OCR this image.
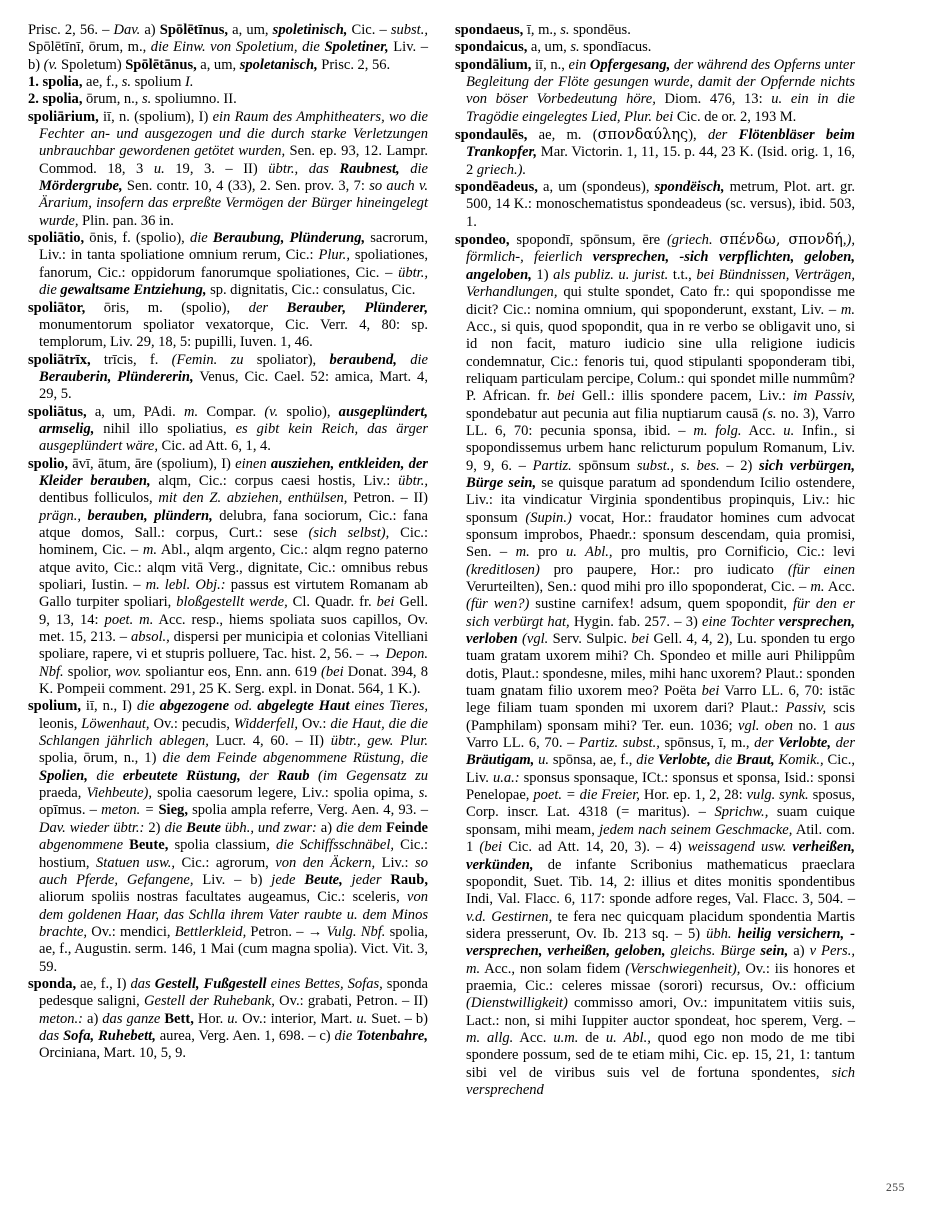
Prisc. 2, 56. – Dav. a) Spōlētīnus, a, um, spoletinisch, Cic. – subst., Spōlētīnī, ōrum, m., die Einw. von Spoletium, die Spoletiner, Liv. – b) (v. Spoletum) Spōlētānus, a, um, spoletanisch, Prisc. 2, 56.

1. spolia, ae, f., s. spolium I.

2. spolia, ōrum, n., s. spoliumno. II.

spoliārium, iī, n. (spolium), I) ein Raum des Amphitheaters, wo die Fechter an- und ausgezogen und die durch starke Verletzungen unbrauchbar gewordenen getötet wurden, Sen. ep. 93, 12. Lampr. Commod. 18, 3 u. 19, 3. – II) übtr., das Raubnest, die Mördergrube, Sen. contr. 10, 4 (33), 2. Sen. prov. 3, 7: so auch v. Ärarium, insofern das erpreßte Vermögen der Bürger hineingelegt wurde, Plin. pan. 36 in.

spoliātio, ōnis, f. (spolio), die Beraubung, Plünderung, sacrorum, Liv.: in tanta spoliatione omnium rerum, Cic.: Plur., spoliationes, fanorum, Cic.: oppidorum fanorumque spoliationes, Cic. – übtr., die gewaltsame Entziehung, sp. dignitatis, Cic.: consulatus, Cic.

spoliātor, ōris, m. (spolio), der Berauber, Plünderer, monumentorum spoliator vexatorque, Cic. Verr. 4, 80: sp. templorum, Liv. 29, 18, 5: pupilli, Iuven. 1, 46.

spoliātrīx, trīcis, f. (Femin. zu spoliator), beraubend, die Berauberin, Plündererin, Venus, Cic. Cael. 52: amica, Mart. 4, 29, 5.

spoliātus, a, um, PAdi. m. Compar. (v. spolio), ausgeplündert, armselig, nihil illo spoliatius, es gibt kein Reich, das ärger ausgeplündert wäre, Cic. ad Att. 6, 1, 4.

spolio, āvī, ātum, āre (spolium), I) einen ausziehen, entkleiden, der Kleider berauben, alqm, Cic.: corpus caesi hostis, Liv.: übtr., dentibus folliculos, mit den Z. abziehen, enthülsen, Petron. – II) prägn., berauben, plündern, delubra, fana sociorum, Cic.: fana atque domos, Sall.: corpus, Curt.: sese (sich selbst), Cic.: hominem, Cic. – m. Abl., alqm argento, Cic.: alqm regno paterno atque avito, Cic.: alqm vitā Verg., dignitate, Cic.: omnibus rebus spoliari, Iustin. – m. lebl. Obj.: passus est virtutem Romanam ab Gallo turpiter spoliari, bloßgestellt werde, Cl. Quadr. fr. bei Gell. 9, 13, 14: poet. m. Acc. resp., hiems spoliata suos capillos, Ov. met. 15, 213. – absol., dispersi per municipia et colonias Vitelliani spoliare, rapere, vi et stupris polluere, Tac. hist. 2, 56. – → Depon. Nbf. spolior, wov. spoliantur eos, Enn. ann. 619 (bei Donat. 394, 8 K. Pompeii comment. 291, 25 K. Serg. expl. in Donat. 564, 1 K.).

spolium, iī, n., I) die abgezogene od. abgelegte Haut eines Tieres, leonis, Löwenhaut, Ov.: pecudis, Widderfell, Ov.: die Haut, die die Schlangen jährlich ablegen, Lucr. 4, 60. – II) übtr., gew. Plur. spolia, ōrum, n., 1) die dem Feinde abgenommene Rüstung, die Spolien, die erbeutete Rüstung, der Raub (im Gegensatz zu praeda, Viehbeute), spolia caesorum legere, Liv.: spolia opima, s. opīmus. – meton. = Sieg, spolia ampla referre, Verg. Aen. 4, 93. – Dav. wieder übtr.: 2) die Beute übh., und zwar: a) die dem Feinde abgenommene Beute, spolia classium, die Schiffsschnäbel, Cic.: hostium, Statuen usw., Cic.: agrorum, von den Äckern, Liv.: so auch Pferde, Gefangene, Liv. – b) jede Beute, jeder Raub, aliorum spoliis nostras facultates augeamus, Cic.: sceleris, von dem goldenen Haar, das Schlla ihrem Vater raubte u. dem Minos brachte, Ov.: mendici, Bettlerkleid, Petron. – → Vulg. Nbf. spolia, ae, f., Augustin. serm. 146, 1 Mai (cum magna spolia). Vict. Vit. 3, 59.

sponda, ae, f., I) das Gestell, Fußgestell eines Bettes, Sofas, sponda pedesque saligni, Gestell der Ruhebank, Ov.: grabati, Petron. – II) meton.: a) das ganze Bett, Hor. u. Ov.: interior, Mart. u. Suet. – b) das Sofa, Ruhebett, aurea, Verg. Aen. 1, 698. – c) die Totenbahre, Orciniana, Mart. 10, 5, 9.

spondaeus, ī, m., s. spondēus.

spondaicus, a, um, s. spondīacus.

spondālium, iī, n., ein Opfergesang, der während des Opferns unter Begleitung der Flöte gesungen wurde, damit der Opfernde nichts von böser Vorbedeutung höre, Diom. 476, 13: u. ein in die Tragödie eingelegtes Lied, Plur. bei Cic. de or. 2, 193 M.

spondaulēs, ae, m. (σπονδαύλης), der Flötenbläser beim Trankopfer, Mar. Victorin. 1, 11, 15. p. 44, 23 K. (Isid. orig. 1, 16, 2 griech.).

spondēadeus, a, um (spondeus), spondëisch, metrum, Plot. art. gr. 500, 14 K.: monoschematistus spondeadeus (sc. versus), ibid. 503, 1.

spondeo, spopondī, spōnsum, ēre (griech. σπένδω, σπονδή,), förmlich-, feierlich versprechen, -sich verpflichten, geloben, angeloben, 1) als publiz. u. jurist. t.t., bei Bündnissen, Verträgen, Verhandlungen, qui stulte spondet, Cato fr.: qui spopondisse me dicit? Cic.: nomina omnium, qui spoponderunt, exstant, Liv. – m. Acc., si quis, quod spopondit, qua in re verbo se obligavit uno, si id non facit, maturo iudicio sine ulla religione iudicis condemnatur, Cic.: fenoris tui, quod stipulanti spoponderam tibi, reliquam particulam percipe, Colum.: qui spondet mille nummûm? P. African. fr. bei Gell.: illis spondere pacem, Liv.: im Passiv, spondebatur aut pecunia aut filia nuptiarum causā (s. no. 3), Varro LL. 6, 70: pecunia sponsa, ibid. – m. folg. Acc. u. Infin., si spopondissemus urbem hanc relicturum populum Romanum, Liv. 9, 9, 6. – Partiz. spōnsum subst., s. bes. – 2) sich verbürgen, Bürge sein, se quisque paratum ad spondendum Icilio ostendere, Liv.: ita vindicatur Virginia spondentibus propinquis, Liv.: hic sponsum (Supin.) vocat, Hor.: fraudator homines cum advocat sponsum improbos, Phaedr.: sponsum descendam, quia promisi, Sen. – m. pro u. Abl., pro multis, pro Cornificio, Cic.: levi (kreditlosen) pro paupere, Hor.: pro iudicato (für einen Verurteilten), Sen.: quod mihi pro illo spoponderat, Cic. – m. Acc. (für wen?) sustine carnifex! adsum, quem spopondit, für den er sich verbürgt hat, Hygin. fab. 257. – 3) eine Tochter versprechen, verloben (vgl. Serv. Sulpic. bei Gell. 4, 4, 2), Lu. sponden tu ergo tuam gratam uxorem mihi? Ch. Spondeo et mille auri Philippûm dotis, Plaut.: spondesne, miles, mihi hanc uxorem? Plaut.: sponden tuam gnatam filio uxorem meo? Poëta bei Varro LL. 6, 70: istāc lege filiam tuam sponden mi uxorem dari? Plaut.: Passiv, scis (Pamphilam) sponsam mihi? Ter. eun. 1036; vgl. oben no. 1 aus Varro LL. 6, 70. – Partiz. subst., spōnsus, ī, m., der Verlobte, der Bräutigam, u. spōnsa, ae, f., die Verlobte, die Braut, Komik., Cic., Liv. u.a.: sponsus sponsaque, ICt.: sponsus et sponsa, Isid.: sponsi Penelopae, poet. = die Freier, Hor. ep. 1, 2, 28: vulg. synk. sposus, Corp. inscr. Lat. 4318 (= maritus). – Sprichw., suam cuique sponsam, mihi meam, jedem nach seinem Geschmacke, Atil. com. 1 (bei Cic. ad Att. 14, 20, 3). – 4) weissagend usw. verheißen, verkünden, de infante Scribonius mathematicus praeclara spopondit, Suet. Tib. 14, 2: illius et dites monitis spondentibus Indi, Val. Flacc. 6, 117: sponde adfore reges, Val. Flacc. 3, 504. – v.d. Gestirnen, te fera nec quicquam placidum spondentia Martis sidera presserunt, Ov. Ib. 213 sq. – 5) übh. heilig versichern, -versprechen, verheißen, geloben, gleichs. Bürge sein, a) v Pers., m. Acc., non solam fidem (Verschwiegenheit), Ov.: iis honores et praemia, Cic.: celeres missae (sorori) recursus, Ov.: officium (Dienstwilligkeit) commisso amori, Ov.: impunitatem vitiis suis, Lact.: non, si mihi Iuppiter auctor spondeat, hoc sperem, Verg. – m. allg. Acc. u.m. de u. Abl., quod ego non modo de me tibi spondere possum, sed de te etiam mihi, Cic. ep. 15, 21, 1: tantum sibi vel de viribus suis vel de fortuna spondentes, sich versprechend

255
